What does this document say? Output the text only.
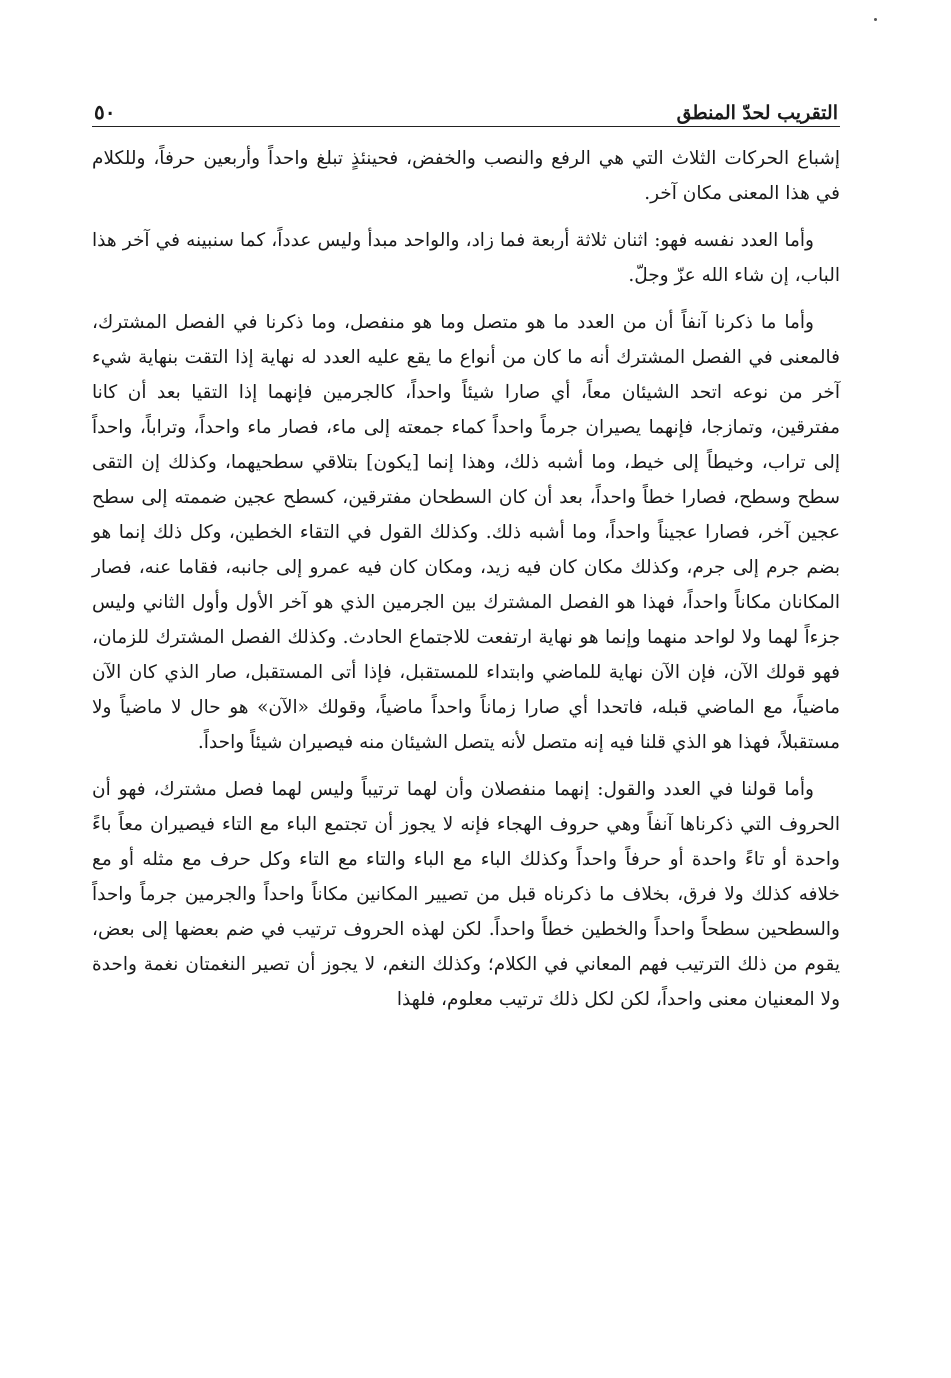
التقريب لحدّ المنطق
٥٠

إشباع الحركات الثلاث التي هي الرفع والنصب والخفض، فحينئذٍ تبلغ واحداً وأربعين حرفاً، وللكلام في هذا المعنى مكان آخر.

وأما العدد نفسه فهو: اثنان ثلاثة أربعة فما زاد، والواحد مبدأ وليس عدداً، كما سنبينه في آخر هذا الباب، إن شاء الله عزّ وجلّ.

وأما ما ذكرنا آنفاً أن من العدد ما هو متصل وما هو منفصل، وما ذكرنا في الفصل المشترك، فالمعنى في الفصل المشترك أنه ما كان من أنواع ما يقع عليه العدد له نهاية إذا التقت بنهاية شيء آخر من نوعه اتحد الشيئان معاً، أي صارا شيئاً واحداً، كالجرمين فإنهما إذا التقيا بعد أن كانا مفترقين، وتمازجا، فإنهما يصيران جرماً واحداً كماء جمعته إلى ماء، فصار ماء واحداً، وتراباً، واحداً إلى تراب، وخيطاً إلى خيط، وما أشبه ذلك، وهذا إنما [يكون] بتلاقي سطحيهما، وكذلك إن التقى سطح وسطح، فصارا خطاً واحداً، بعد أن كان السطحان مفترقين، كسطح عجين ضممته إلى سطح عجين آخر، فصارا عجيناً واحداً، وما أشبه ذلك. وكذلك القول في التقاء الخطين، وكل ذلك إنما هو بضم جرم إلى جرم، وكذلك مكان كان فيه زيد، ومكان كان فيه عمرو إلى جانبه، فقاما عنه، فصار المكانان مكاناً واحداً، فهذا هو الفصل المشترك بين الجرمين الذي هو آخر الأول وأول الثاني وليس جزءاً لهما ولا لواحد منهما وإنما هو نهاية ارتفعت للاجتماع الحادث. وكذلك الفصل المشترك للزمان، فهو قولك الآن، فإن الآن نهاية للماضي وابتداء للمستقبل، فإذا أتى المستقبل، صار الذي كان الآن ماضياً، مع الماضي قبله، فاتحدا أي صارا زماناً واحداً ماضياً، وقولك «الآن» هو حال لا ماضياً ولا مستقبلاً، فهذا هو الذي قلنا فيه إنه متصل لأنه يتصل الشيئان منه فيصيران شيئاً واحداً.

وأما قولنا في العدد والقول: إنهما منفصلان وأن لهما ترتيباً وليس لهما فصل مشترك، فهو أن الحروف التي ذكرناها آنفاً وهي حروف الهجاء فإنه لا يجوز أن تجتمع الباء مع التاء فيصيران معاً باءً واحدة أو تاءً واحدة أو حرفاً واحداً وكذلك الباء مع الباء والتاء مع التاء وكل حرف مع مثله أو مع خلافه كذلك ولا فرق، بخلاف ما ذكرناه قبل من تصيير المكانين مكاناً واحداً والجرمين جرماً واحداً والسطحين سطحاً واحداً والخطين خطاً واحداً. لكن لهذه الحروف ترتيب في ضم بعضها إلى بعض، يقوم من ذلك الترتيب فهم المعاني في الكلام؛ وكذلك النغم، لا يجوز أن تصير النغمتان نغمة واحدة ولا المعنيان معنى واحداً، لكن لكل ذلك ترتيب معلوم، فلهذا
